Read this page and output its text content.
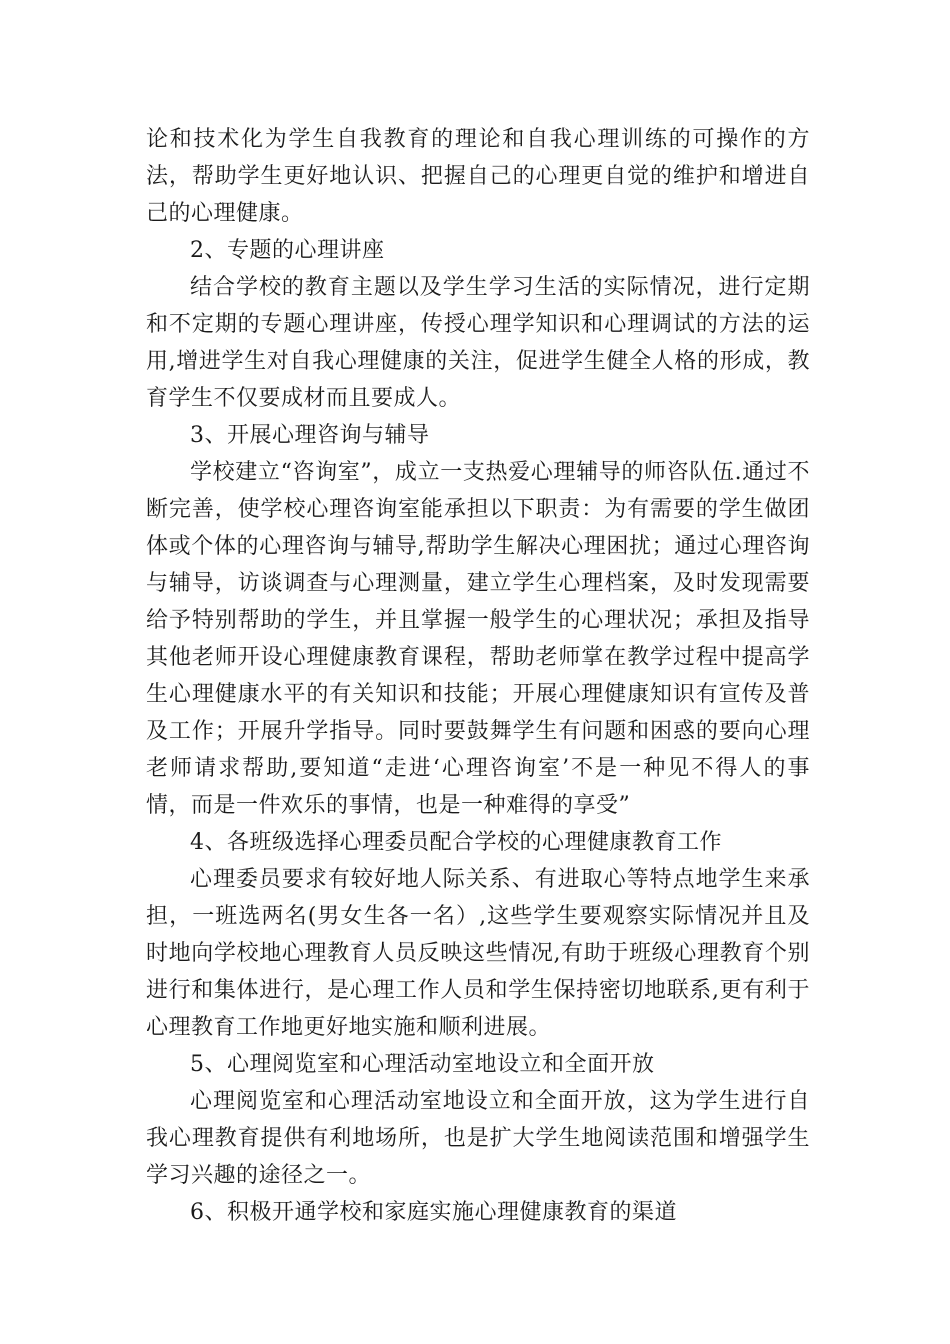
论和技术化为学生自我教育的理论和自我心理训练的可操作的方法，帮助学生更好地认识、把握自己的心理更自觉的维护和增进自己的心理健康。

2、专题的心理讲座

结合学校的教育主题以及学生学习生活的实际情况，进行定期和不定期的专题心理讲座，传授心理学知识和心理调试的方法的运用,增进学生对自我心理健康的关注，促进学生健全人格的形成，教育学生不仅要成材而且要成人。

3、开展心理咨询与辅导

学校建立“咨询室”，成立一支热爱心理辅导的师咨队伍.通过不断完善，使学校心理咨询室能承担以下职责：为有需要的学生做团体或个体的心理咨询与辅导,帮助学生解决心理困扰；通过心理咨询与辅导，访谈调查与心理测量，建立学生心理档案，及时发现需要给予特别帮助的学生，并且掌握一般学生的心理状况；承担及指导其他老师开设心理健康教育课程，帮助老师掌在教学过程中提高学生心理健康水平的有关知识和技能；开展心理健康知识有宣传及普及工作；开展升学指导。同时要鼓舞学生有问题和困惑的要向心理老师请求帮助,要知道“走进‘心理咨询室’不是一种见不得人的事情，而是一件欢乐的事情，也是一种难得的享受”

4、各班级选择心理委员配合学校的心理健康教育工作

心理委员要求有较好地人际关系、有进取心等特点地学生来承担，一班选两名(男女生各一名）,这些学生要观察实际情况并且及时地向学校地心理教育人员反映这些情况,有助于班级心理教育个别进行和集体进行，是心理工作人员和学生保持密切地联系,更有利于心理教育工作地更好地实施和顺利进展。

5、心理阅览室和心理活动室地设立和全面开放

心理阅览室和心理活动室地设立和全面开放，这为学生进行自我心理教育提供有利地场所，也是扩大学生地阅读范围和增强学生学习兴趣的途径之一。

6、积极开通学校和家庭实施心理健康教育的渠道
